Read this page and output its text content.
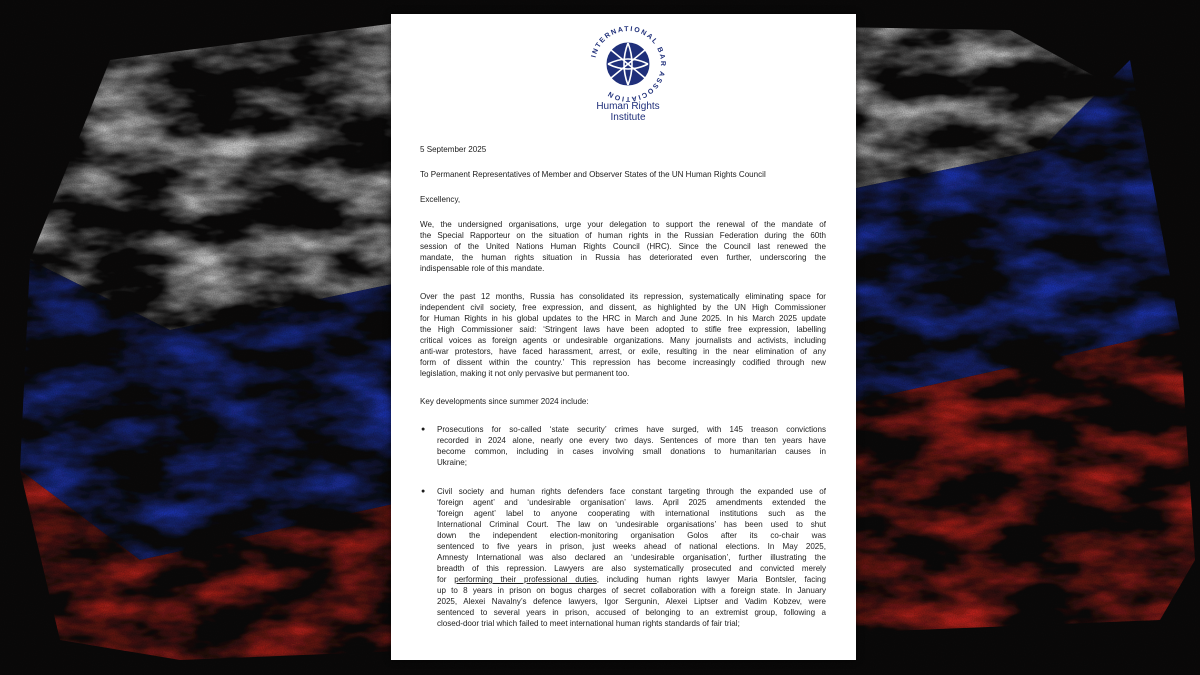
INTERNATIONAL BAR ASSOCIATION
Human Rights
Institute
5 September 2025
To Permanent Representatives of Member and Observer States of the UN Human Rights Council
Excellency,
We, the undersigned organisations, urge your delegation to support the renewal of the mandate of
the Special Rapporteur on the situation of human rights in the Russian Federation during the 60th
session of the United Nations Human Rights Council (HRC). Since the Council last renewed the
mandate, the human rights situation in Russia has deteriorated even further, underscoring the
indispensable role of this mandate.
Over the past 12 months, Russia has consolidated its repression, systematically eliminating space for
independent civil society, free expression, and dissent, as highlighted by the UN High Commissioner
for Human Rights in his global updates to the HRC in March and June 2025. In his March 2025 update
the High Commissioner said: ‘Stringent laws have been adopted to stifle free expression, labelling
critical voices as foreign agents or undesirable organizations. Many journalists and activists, including
anti-war protestors, have faced harassment, arrest, or exile, resulting in the near elimination of any
form of dissent within the country.’ This repression has become increasingly codified through new
legislation, making it not only pervasive but permanent too.
Key developments since summer 2024 include:
● Prosecutions for so-called ‘state security’ crimes have surged, with 145 treason convictions
recorded in 2024 alone, nearly one every two days. Sentences of more than ten years have
become common, including in cases involving small donations to humanitarian causes in
Ukraine;
● Civil society and human rights defenders face constant targeting through the expanded use of
‘foreign agent’ and ‘undesirable organisation’ laws. April 2025 amendments extended the
‘foreign agent’ label to anyone cooperating with international institutions such as the
International Criminal Court. The law on ‘undesirable organisations’ has been used to shut
down the independent election-monitoring organisation Golos after its co-chair was
sentenced to five years in prison, just weeks ahead of national elections. In May 2025,
Amnesty International was also declared an ‘undesirable organisation’, further illustrating the
breadth of this repression. Lawyers are also systematically prosecuted and convicted merely
for performing their professional duties, including human rights lawyer Maria Bontsler, facing
up to 8 years in prison on bogus charges of secret collaboration with a foreign state. In January
2025, Alexei Navalny’s defence lawyers, Igor Sergunin, Alexei Liptser and Vadim Kobzev, were
sentenced to several years in prison, accused of belonging to an extremist group, following a
closed-door trial which failed to meet international human rights standards of fair trial;
